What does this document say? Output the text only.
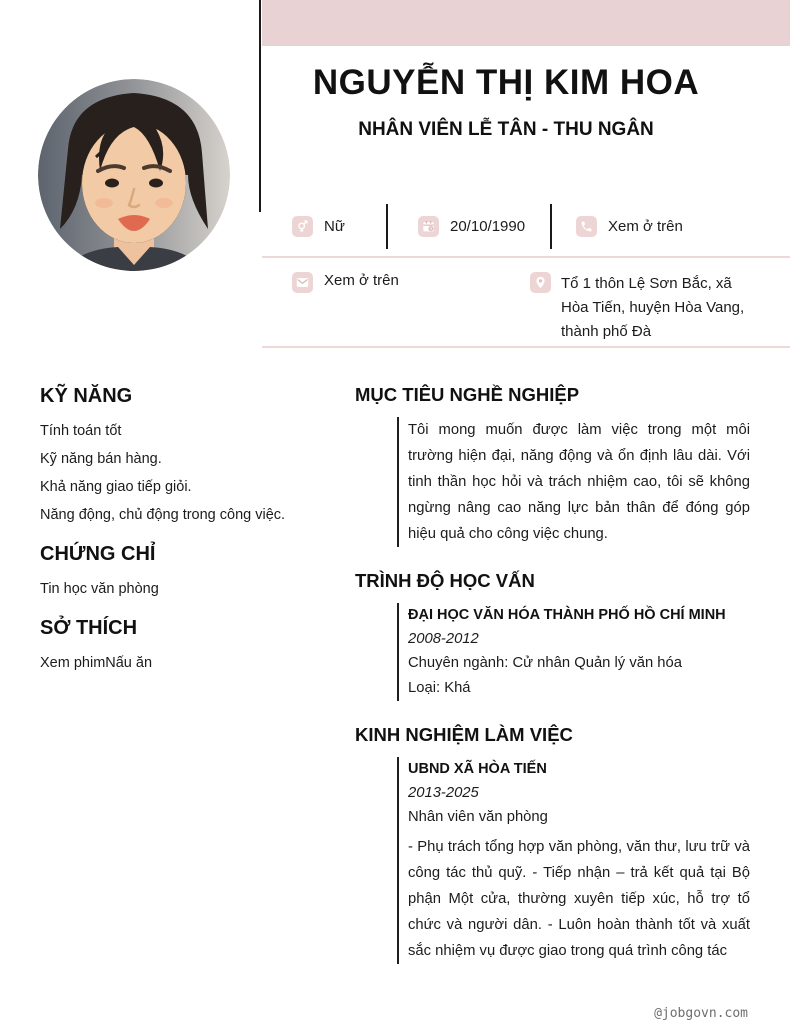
NGUYỄN THỊ KIM HOA
NHÂN VIÊN LỄ TÂN - THU NGÂN
Nữ	20/10/1990	Xem ở trên
Xem ở trên	Tổ 1 thôn Lệ Sơn Bắc, xã
Hòa Tiến, huyện Hòa Vang,
thành phố Đà
KỸ NĂNG
Tính toán tốt
Kỹ năng bán hàng.
Khả năng giao tiếp giỏi.
Năng động, chủ động trong công việc.
CHỨNG CHỈ
Tin học văn phòng
SỞ THÍCH
Xem phimNấu ăn
MỤC TIÊU NGHỀ NGHIỆP
Tôi mong muốn được làm việc trong một môi trường hiện đại, năng động và ổn định lâu dài. Với tinh thần học hỏi và trách nhiệm cao, tôi sẽ không ngừng nâng cao năng lực bản thân để đóng góp hiệu quả cho công việc chung.
TRÌNH ĐỘ HỌC VẤN
ĐẠI HỌC VĂN HÓA THÀNH PHỐ HỒ CHÍ MINH
2008-2012
Chuyên ngành: Cử nhân Quản lý văn hóa
Loại: Khá
KINH NGHIỆM LÀM VIỆC
UBND XÃ HÒA TIẾN
2013-2025
Nhân viên văn phòng
- Phụ trách tổng hợp văn phòng, văn thư, lưu trữ và công tác thủ quỹ. - Tiếp nhận – trả kết quả tại Bộ phận Một cửa, thường xuyên tiếp xúc, hỗ trợ tổ chức và người dân. - Luôn hoàn thành tốt và xuất sắc nhiệm vụ được giao trong quá trình công tác
@jobgovn.com
